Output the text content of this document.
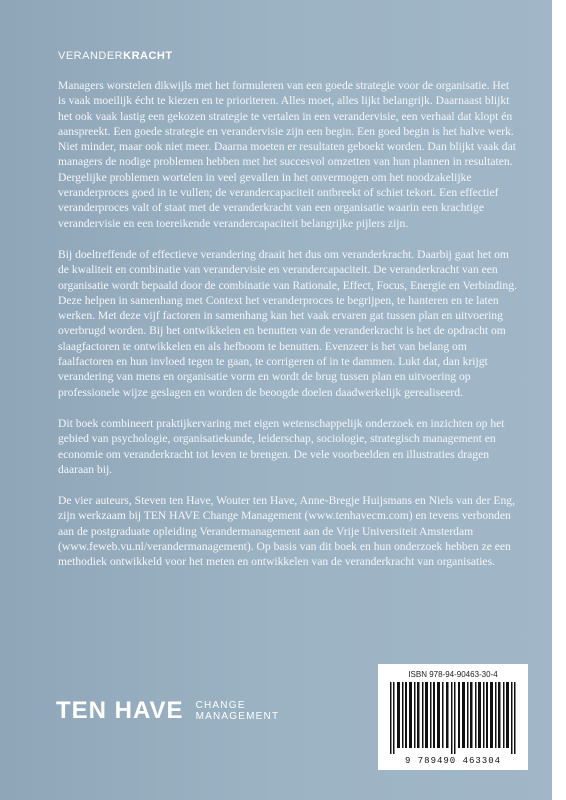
VERANDERKRACHT

Managers worstelen dikwijls met het formuleren van een goede strategie voor de organisatie. Het is vaak moeilijk écht te kiezen en te prioriteren. Alles moet, alles lijkt belangrijk. Daarnaast blijkt het ook vaak lastig een gekozen strategie te vertalen in een verandervisie, een verhaal dat klopt én aanspreekt. Een goede strategie en verandervisie zijn een begin. Een goed begin is het halve werk. Niet minder, maar ook niet meer. Daarna moeten er resultaten geboekt worden. Dan blijkt vaak dat managers de nodige problemen hebben met het succesvol omzetten van hun plannen in resultaten. Dergelijke problemen wortelen in veel gevallen in het onvermogen om het noodzakelijke veranderproces goed in te vullen; de verandercapaciteit ontbreekt of schiet tekort. Een effectief veranderproces valt of staat met de veranderkracht van een organisatie waarin een krachtige verandervisie en een toereikende verandercapaciteit belangrijke pijlers zijn.

Bij doeltreffende of effectieve verandering draait het dus om veranderkracht. Daarbij gaat het om de kwaliteit en combinatie van verandervisie en verandercapaciteit. De veranderkracht van een organisatie wordt bepaald door de combinatie van Rationale, Effect, Focus, Energie en Verbinding. Deze helpen in samenhang met Context het veranderproces te begrijpen, te hanteren en te laten werken. Met deze vijf factoren in samenhang kan het vaak ervaren gat tussen plan en uitvoering overbrugd worden. Bij het ontwikkelen en benutten van de veranderkracht is het de opdracht om slaagfactoren te ontwikkelen en als hefboom te benutten. Evenzeer is het van belang om faalfactoren en hun invloed tegen te gaan, te corrigeren of in te dammen. Lukt dat, dan krijgt verandering van mens en organisatie vorm en wordt de brug tussen plan en uitvoering op professionele wijze geslagen en worden de beoogde doelen daadwerkelijk gerealiseerd.

Dit boek combineert praktijkervaring met eigen wetenschappelijk onderzoek en inzichten op het gebied van psychologie, organisatiekunde, leiderschap, sociologie, strategisch management en economie om veranderkracht tot leven te brengen. De vele voorbeelden en illustraties dragen daaraan bij.

De vier auteurs, Steven ten Have, Wouter ten Have, Anne-Bregje Huijsmans en Niels van der Eng, zijn werkzaam bij TEN HAVE Change Management (www.tenhavecm.com) en tevens verbonden aan de postgraduate opleiding Verandermanagement aan de Vrije Universiteit Amsterdam (www.feweb.vu.nl/verandermanagement). Op basis van dit boek en hun onderzoek hebben ze een methodiek ontwikkeld voor het meten en ontwikkelen van de veranderkracht van organisaties.

TEN HAVE CHANGE
MANAGEMENT
ISBN 978-94-90463-30-4
9 789490 463304
